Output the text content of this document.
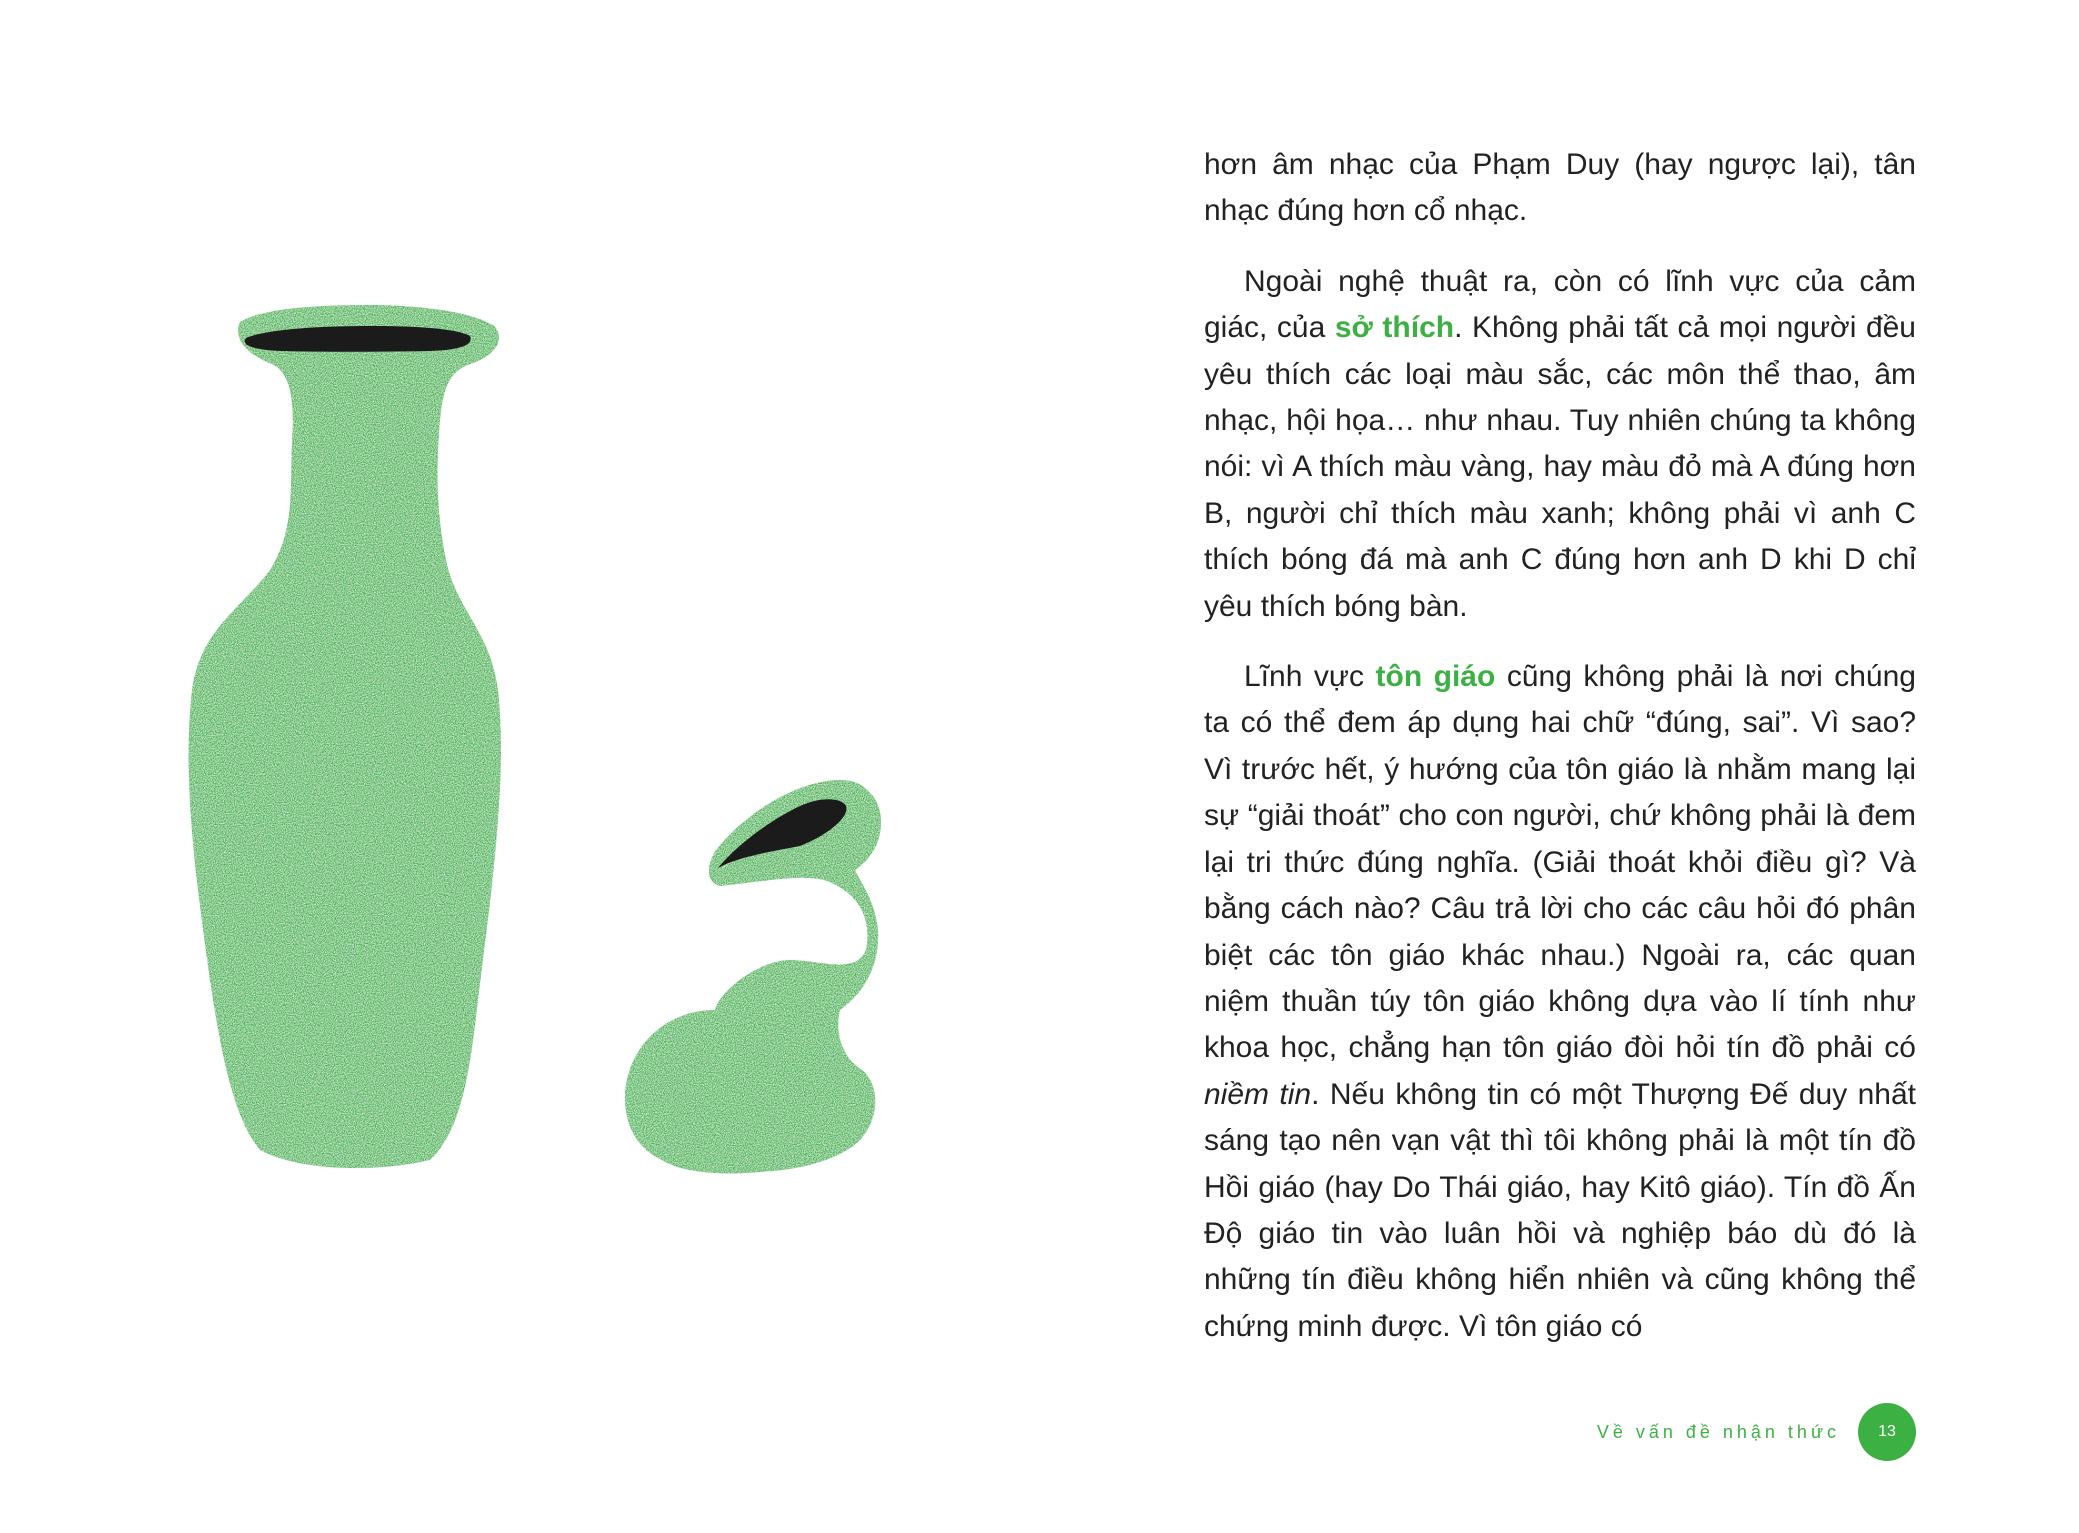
hơn âm nhạc của Phạm Duy (hay ngược lại), tân nhạc đúng hơn cổ nhạc.

Ngoài nghệ thuật ra, còn có lĩnh vực của cảm giác, của sở thích. Không phải tất cả mọi người đều yêu thích các loại màu sắc, các môn thể thao, âm nhạc, hội họa… như nhau. Tuy nhiên chúng ta không nói: vì A thích màu vàng, hay màu đỏ mà A đúng hơn B, người chỉ thích màu xanh; không phải vì anh C thích bóng đá mà anh C đúng hơn anh D khi D chỉ yêu thích bóng bàn.

Lĩnh vực tôn giáo cũng không phải là nơi chúng ta có thể đem áp dụng hai chữ “đúng, sai”. Vì sao? Vì trước hết, ý hướng của tôn giáo là nhằm mang lại sự “giải thoát” cho con người, chứ không phải là đem lại tri thức đúng nghĩa. (Giải thoát khỏi điều gì? Và bằng cách nào? Câu trả lời cho các câu hỏi đó phân biệt các tôn giáo khác nhau.) Ngoài ra, các quan niệm thuần túy tôn giáo không dựa vào lí tính như khoa học, chẳng hạn tôn giáo đòi hỏi tín đồ phải có niềm tin. Nếu không tin có một Thượng Đế duy nhất sáng tạo nên vạn vật thì tôi không phải là một tín đồ Hồi giáo (hay Do Thái giáo, hay Kitô giáo). Tín đồ Ấn Độ giáo tin vào luân hồi và nghiệp báo dù đó là những tín điều không hiển nhiên và cũng không thể chứng minh được. Vì tôn giáo có

Về vấn đề nhận thức	13
